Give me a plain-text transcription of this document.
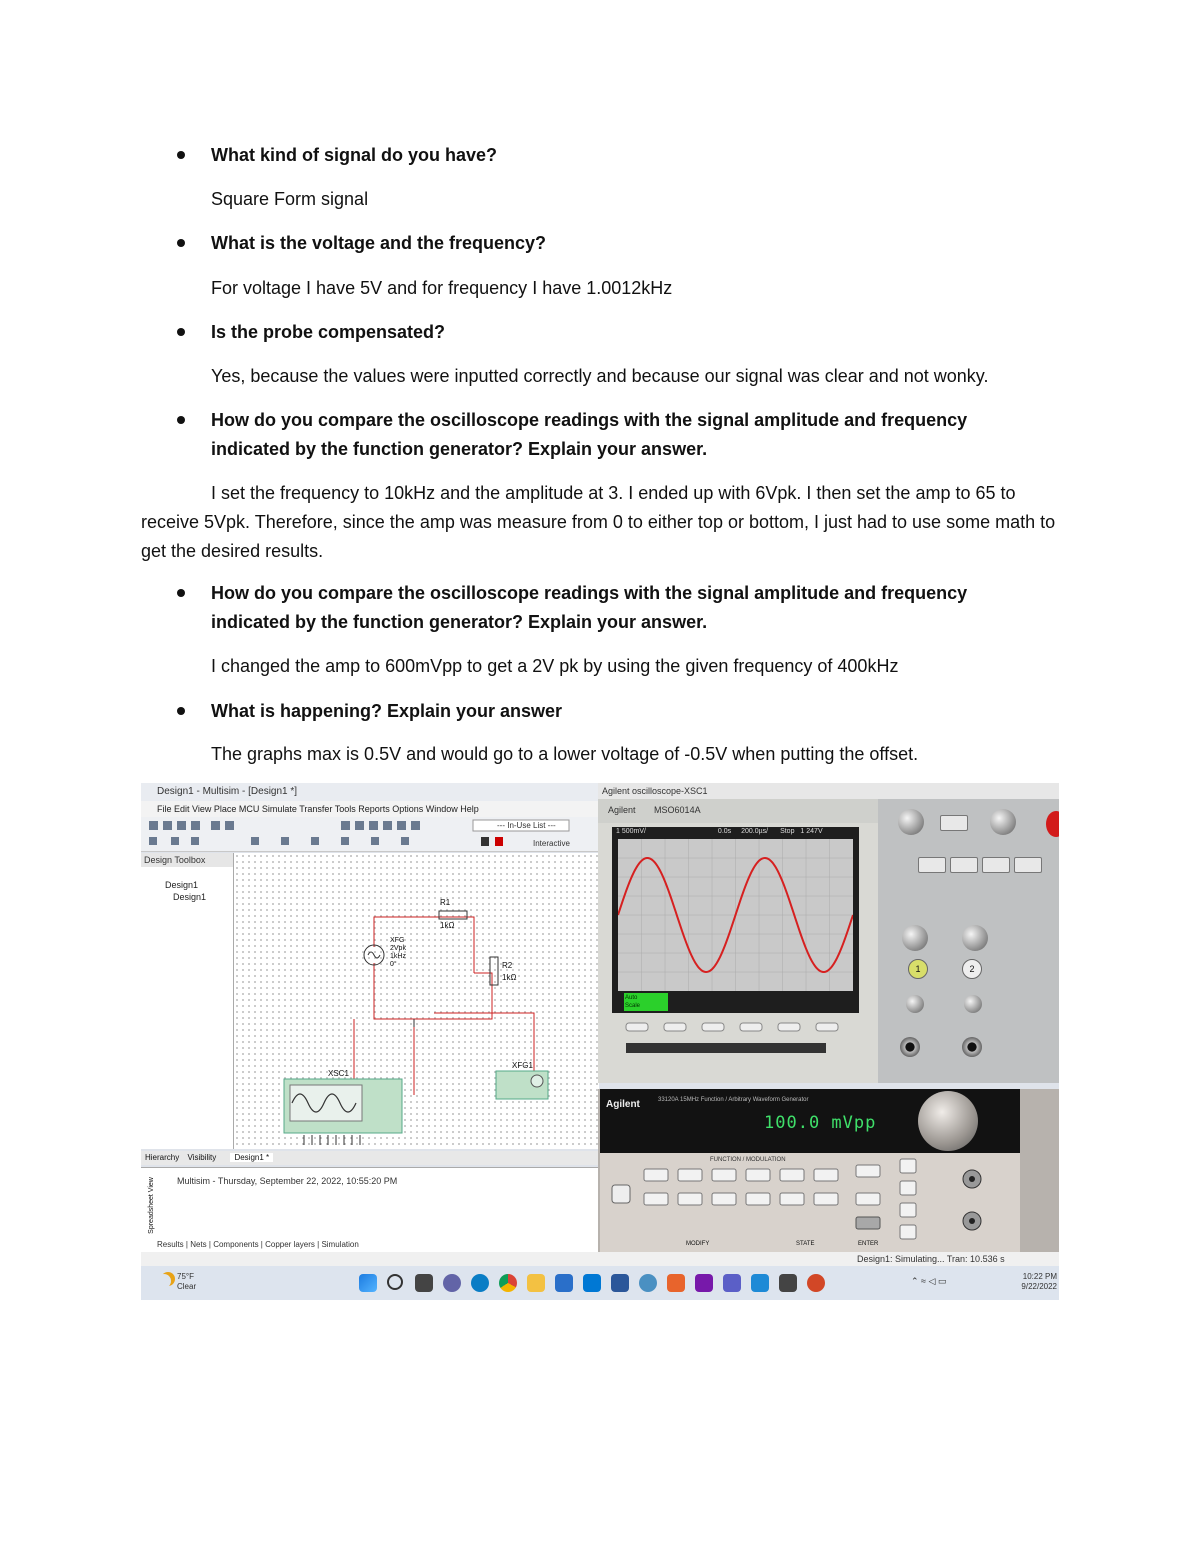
What kind of signal do you have?
Square Form signal
What is the voltage and the frequency?
For voltage I have 5V and for frequency I have 1.0012kHz
Is the probe compensated?
Yes, because the values were inputted correctly and because our signal was clear and not wonky.
How do you compare the oscilloscope readings with the signal amplitude and frequency indicated by the function generator? Explain your answer.
I set the frequency to 10kHz and the amplitude at 3. I ended up with 6Vpk. I then set the amp to 65 to receive 5Vpk. Therefore, since the amp was measure from 0 to either top or bottom, I just had to use some math to get the desired results.
How do you compare the oscilloscope readings with the signal amplitude and frequency indicated by the function generator? Explain your answer.
I changed the amp to 600mVpp to get a 2V pk by using the given frequency of 400kHz
What is happening? Explain your answer
The graphs max is 0.5V and would go to a lower voltage of -0.5V when putting the offset.
Design1 - Multisim - [Design1 *]
File Edit View Place MCU Simulate Transfer Tools Reports Options Window Help
--- In-Use List ---
Interactive
Design Toolbox
Design1
Design1
R1
1kΩ
R2
1kΩ
XFG
2Vpk
1kHz
0°
XSC1
XFG1
Hierarchy Visibility Design1 *
Spreadsheet View Multisim - Thursday, September 22, 2022, 10:55:20 PM
Results | Nets | Components | Copper layers | Simulation
Agilent oscilloscope-XSC1
Agilent MSO6014A
1 500mV/	0.0s 200.0µs/ Stop 1 247V
Auto
Scale
1	2
Agilent	33120A 15MHz Function / Arbitrary Waveform Generator
100.0 mVpp
FUNCTION / MODULATION
MODIFY	STATE	ENTER
Design1: Simulating... Tran: 10.536 s
75°F
Clear
⌃ ≈ ◁ ▭	10:22 PM
9/22/2022
